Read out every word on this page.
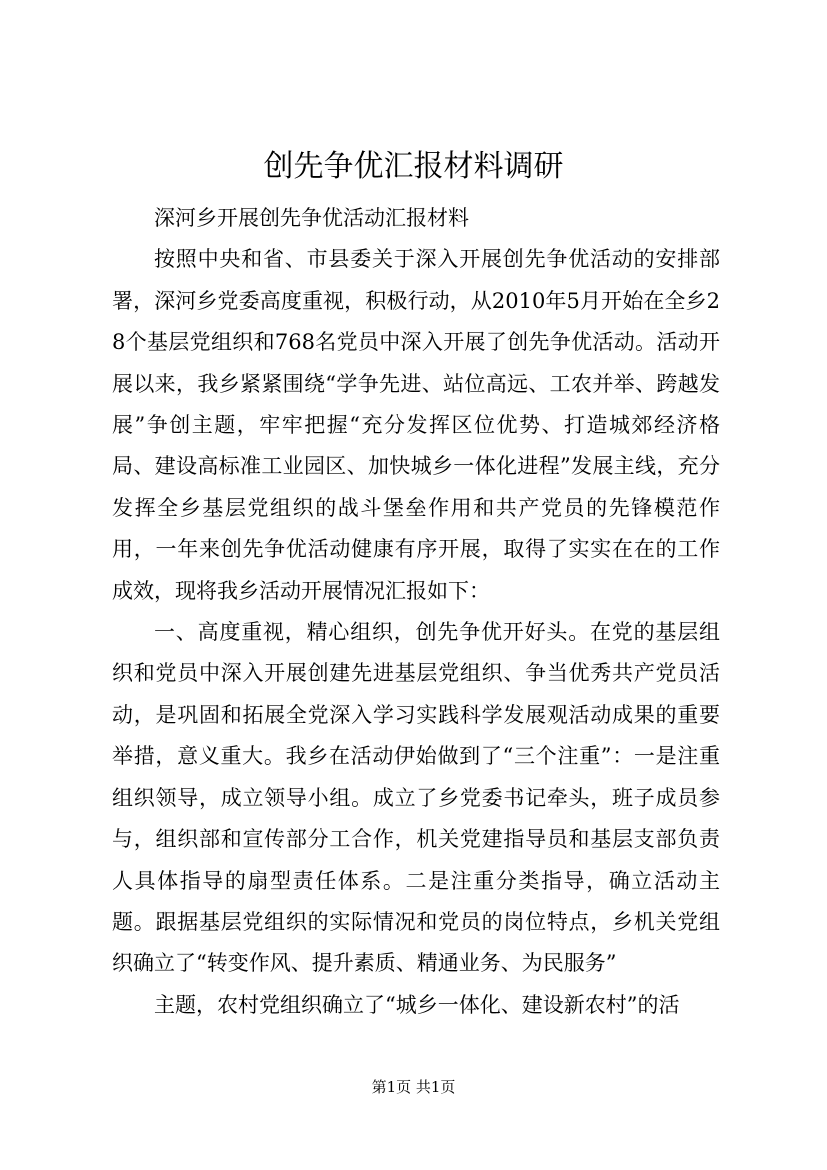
创先争优汇报材料调研

深河乡开展创先争优活动汇报材料

按照中央和省、市县委关于深入开展创先争优活动的安排部署，深河乡党委高度重视，积极行动，从2010年5月开始在全乡28个基层党组织和768名党员中深入开展了创先争优活动。活动开展以来，我乡紧紧围绕“学争先进、站位高远、工农并举、跨越发展”争创主题，牢牢把握“充分发挥区位优势、打造城郊经济格局、建设高标准工业园区、加快城乡一体化进程”发展主线，充分发挥全乡基层党组织的战斗堡垒作用和共产党员的先锋模范作用，一年来创先争优活动健康有序开展，取得了实实在在的工作成效，现将我乡活动开展情况汇报如下：

一、高度重视，精心组织，创先争优开好头。在党的基层组织和党员中深入开展创建先进基层党组织、争当优秀共产党员活动，是巩固和拓展全党深入学习实践科学发展观活动成果的重要举措，意义重大。我乡在活动伊始做到了“三个注重”：一是注重组织领导，成立领导小组。成立了乡党委书记牵头，班子成员参与，组织部和宣传部分工合作，机关党建指导员和基层支部负责人具体指导的扇型责任体系。二是注重分类指导，确立活动主题。跟据基层党组织的实际情况和党员的岗位特点，乡机关党组织确立了“转变作风、提升素质、精通业务、为民服务”

主题，农村党组织确立了“城乡一体化、建设新农村”的活

第1页 共1页
